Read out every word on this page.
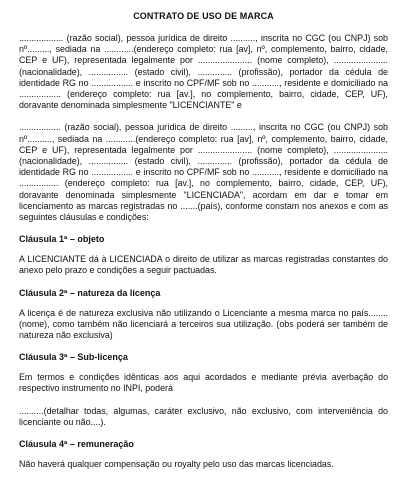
CONTRATO DE USO DE MARCA

.................. (razão social), pessoa jurídica de direito .........., inscrita no CGC (ou CNPJ) sob nº........., sediada na ............(endereço completo: rua [av], nº, complemento, bairro, cidade, CEP e UF), representada legalmente por ...................... (nome completo), ...................... (nacionalidade), ................ (estado civil), .............. (profissão), portador da cédula de identidade RG no ................. e inscrito no CPF/MF sob no ..........., residente e domiciliado na ................. (endereço completo: rua [av.], no complemento, bairro, cidade, CEP, UF), doravante denominada simplesmente "LICENCIANTE" e

................. (razão social), pessoa jurídica de direito ........., inscrita no CGC (ou CNPJ) sob nº.........., sediada na ............(endereço completo: rua [av], nº, complemento, bairro, cidade, CEP e UF), representada legalmente por ...................... (nome completo), ...................... (nacionalidade), ................ (estado civil), .............. (profissão), portador da cédula de identidade RG no ................. e inscrito no CPF/MF sob no ..........., residente e domiciliado na ................ (endereço completo: rua [av.], no complemento, bairro, cidade, CEP, UF), doravante denominada simplesmente "LICENCIADA", acordam em dar e tomar em licenciamento as marcas registradas no .......(país), conforme constam nos anexos e com as seguintes cláusulas e condições:

Cláusula 1ª – objeto

A LICENCIANTE dá à LICENCIADA o direito de utilizar as marcas registradas constantes do anexo pelo prazo e condições a seguir pactuadas.

Cláusula 2ª – natureza da licença

A licença é de natureza exclusiva não utilizando o Licenciante a mesma marca no país........(nome), como também não licenciará a terceiros sua utilização. (obs poderá ser também de natureza não exclusiva)

Cláusula 3ª – Sub-licença

Em termos e condições idênticas aos aqui acordados e mediante prévia averbação do respectivo instrumento no INPI, poderá

..........(detalhar todas, algumas, caráter exclusivo, não exclusivo, com interveniência do licenciante ou não....).

Cláusula 4ª – remuneração

Não haverá qualquer compensação ou royalty pelo uso das marcas licenciadas.
